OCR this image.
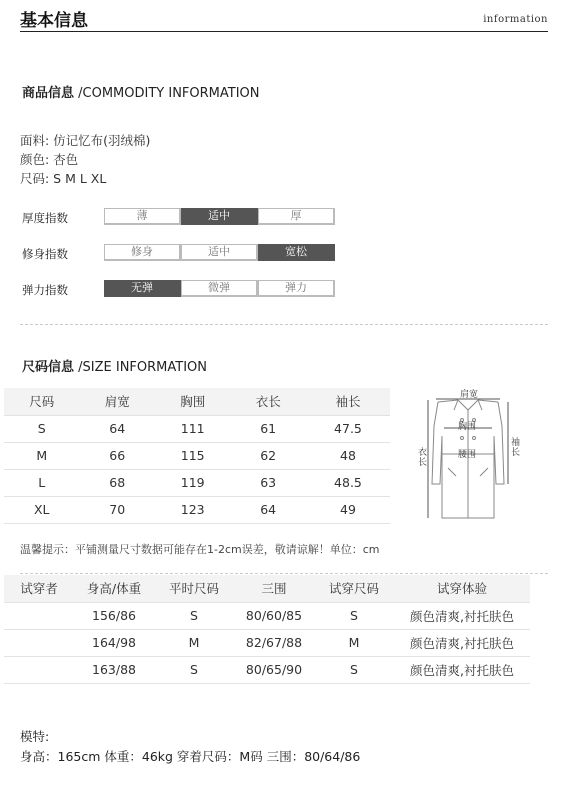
基本信息	information
商品信息 /COMMODITY INFORMATION
面料: 仿记忆布(羽绒棉)
颜色: 杏色
尺码: S M L XL
厚度指数	薄	适中	厚
修身指数	修身	适中	宽松
弹力指数	无弹	微弹	弹力
尺码信息 /SIZE INFORMATION
尺码	肩宽	胸围	衣长	袖长
S	64	111	61	47.5
M	66	115	62	48
L	68	119	63	48.5
XL	70	123	64	49
肩宽
胸围
腰围
衣长
袖长
温馨提示：平铺测量尺寸数据可能存在1-2cm误差，敬请谅解！单位：cm
试穿者	身高/体重	平时尺码	三围	试穿尺码	试穿体验
	156/86	S	80/60/85	S	颜色清爽,衬托肤色
	164/98	M	82/67/88	M	颜色清爽,衬托肤色
	163/88	S	80/65/90	S	颜色清爽,衬托肤色
模特:
身高：165cm 体重：46kg 穿着尺码：M码 三围：80/64/86
